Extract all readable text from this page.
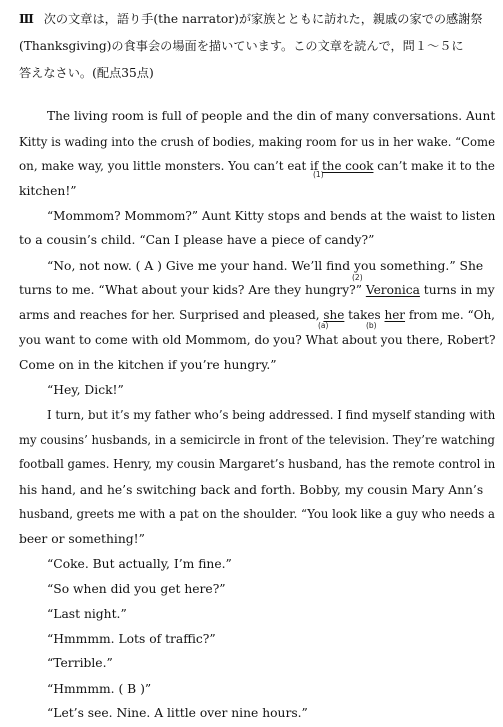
Ⅲ 次の文章は，語り手(the narrator)が家族とともに訪れた，親戚の家での感謝祭
(Thanksgiving)の食事会の場面を描いています。この文章を読んで，問１～５に
答えなさい。(配点35点)
The living room is full of people and the din of many conversations. Aunt
Kitty is wading into the crush of bodies, making room for us in her wake. “Come
on, make way, you little monsters. You can’t eat if the cook can’t make it to the
(1)
kitchen!”
“Mommom? Mommom?” Aunt Kitty stops and bends at the waist to listen
to a cousin’s child. “Can I please have a piece of candy?”
“No, not now. ( A ) Give me your hand. We’ll find you something.” She
(2)
turns to me. “What about your kids? Are they hungry?” Veronica turns in my
arms and reaches for her. Surprised and pleased, she takes her from me. “Oh,
(a)	(b)
you want to come with old Mommom, do you? What about you there, Robert?
Come on in the kitchen if you’re hungry.”
“Hey, Dick!”
I turn, but it’s my father who’s being addressed. I find myself standing with
my cousins’ husbands, in a semicircle in front of the television. They’re watching
football games. Henry, my cousin Margaret’s husband, has the remote control in
his hand, and he’s switching back and forth. Bobby, my cousin Mary Ann’s
husband, greets me with a pat on the shoulder. “You look like a guy who needs a
beer or something!”
“Coke. But actually, I’m fine.”
“So when did you get here?”
“Last night.”
“Hmmmm. Lots of traffic?”
“Terrible.”
“Hmmmm. ( B )”
“Let’s see. Nine. A little over nine hours.”
